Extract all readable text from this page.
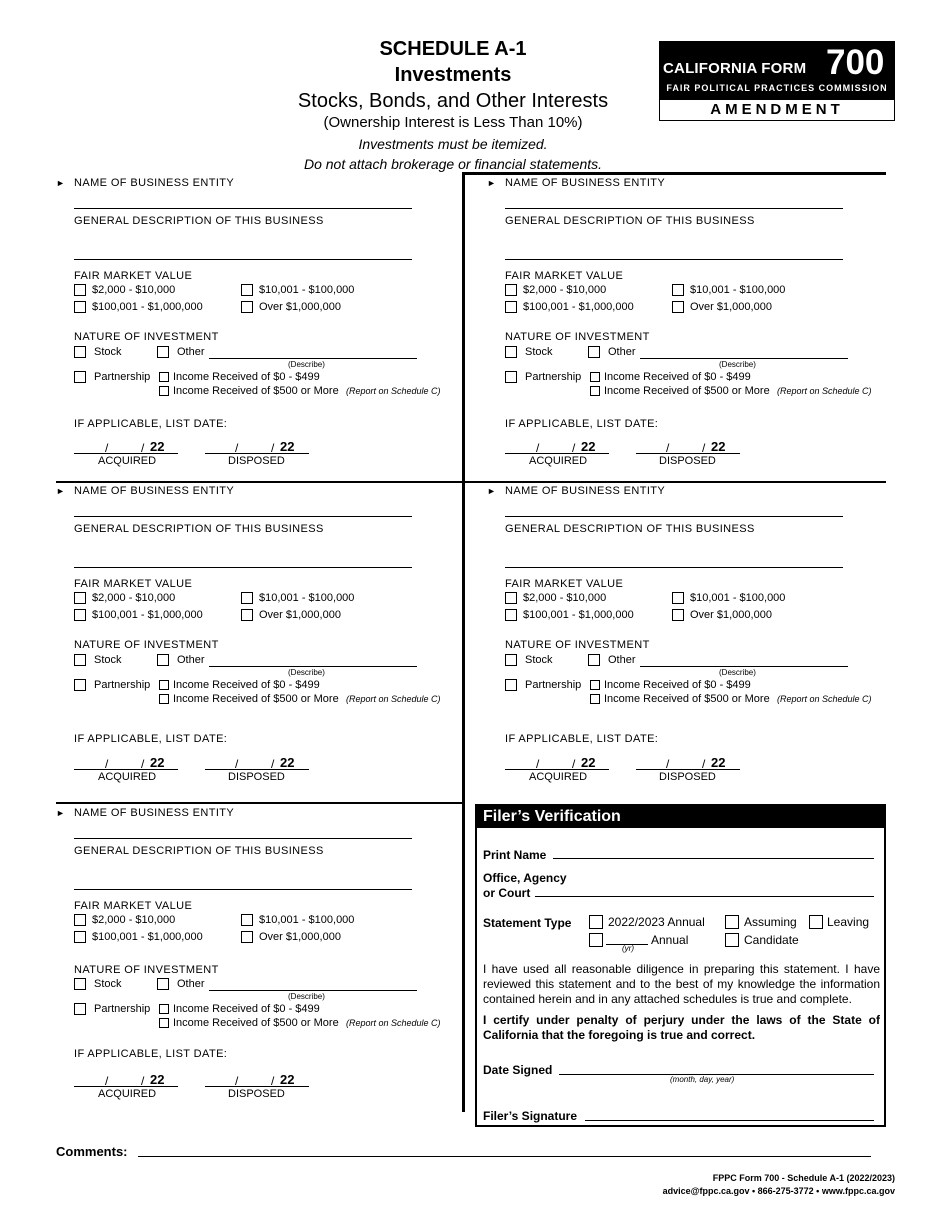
SCHEDULE A-1
Investments
Stocks, Bonds, and Other Interests
(Ownership Interest is Less Than 10%)
Investments must be itemized.
Do not attach brokerage or financial statements.
CALIFORNIA FORM 700
FAIR POLITICAL PRACTICES COMMISSION
AMENDMENT
► NAME OF BUSINESS ENTITY
GENERAL DESCRIPTION OF THIS BUSINESS
FAIR MARKET VALUE
$2,000 - $10,000	$10,001 - $100,000
$100,001 - $1,000,000	Over $1,000,000
NATURE OF INVESTMENT
Stock	Other
(Describe)
Partnership Income Received of $0 - $499
Income Received of $500 or More (Report on Schedule C)
IF APPLICABLE, LIST DATE:
/	/ 22
ACQUIRED
/	/ 22
DISPOSED
► NAME OF BUSINESS ENTITY
GENERAL DESCRIPTION OF THIS BUSINESS
FAIR MARKET VALUE
$2,000 - $10,000	$10,001 - $100,000
$100,001 - $1,000,000	Over $1,000,000
NATURE OF INVESTMENT
Stock	Other
(Describe)
Partnership Income Received of $0 - $499
Income Received of $500 or More (Report on Schedule C)
IF APPLICABLE, LIST DATE:
/	/ 22
ACQUIRED
/	/ 22
DISPOSED
► NAME OF BUSINESS ENTITY
GENERAL DESCRIPTION OF THIS BUSINESS
FAIR MARKET VALUE
$2,000 - $10,000	$10,001 - $100,000
$100,001 - $1,000,000	Over $1,000,000
NATURE OF INVESTMENT
Stock	Other
(Describe)
Partnership Income Received of $0 - $499
Income Received of $500 or More (Report on Schedule C)
IF APPLICABLE, LIST DATE:
/	/ 22
ACQUIRED
/	/ 22
DISPOSED
► NAME OF BUSINESS ENTITY
GENERAL DESCRIPTION OF THIS BUSINESS
FAIR MARKET VALUE
$2,000 - $10,000	$10,001 - $100,000
$100,001 - $1,000,000	Over $1,000,000
NATURE OF INVESTMENT
Stock	Other
(Describe)
Partnership Income Received of $0 - $499
Income Received of $500 or More (Report on Schedule C)
IF APPLICABLE, LIST DATE:
/	/ 22
ACQUIRED
/	/ 22
DISPOSED
► NAME OF BUSINESS ENTITY
GENERAL DESCRIPTION OF THIS BUSINESS
FAIR MARKET VALUE
$2,000 - $10,000	$10,001 - $100,000
$100,001 - $1,000,000	Over $1,000,000
NATURE OF INVESTMENT
Stock	Other
(Describe)
Partnership Income Received of $0 - $499
Income Received of $500 or More (Report on Schedule C)
IF APPLICABLE, LIST DATE:
/	/ 22
ACQUIRED
/	/ 22
DISPOSED
Filer’s Verification
Print Name
Office, Agency
or Court
Statement Type	2022/2023 Annual	Assuming	Leaving
Annual
(yr)
Candidate
I have used all reasonable diligence in preparing this statement. I have reviewed this statement and to the best of my knowledge the information contained herein and in any attached schedules is true and complete.
I certify under penalty of perjury under the laws of the State of California that the foregoing is true and correct.
Date Signed
(month, day, year)
Filer’s Signature
Comments:
FPPC Form 700 - Schedule A-1 (2022/2023)
advice@fppc.ca.gov • 866-275-3772 • www.fppc.ca.gov
